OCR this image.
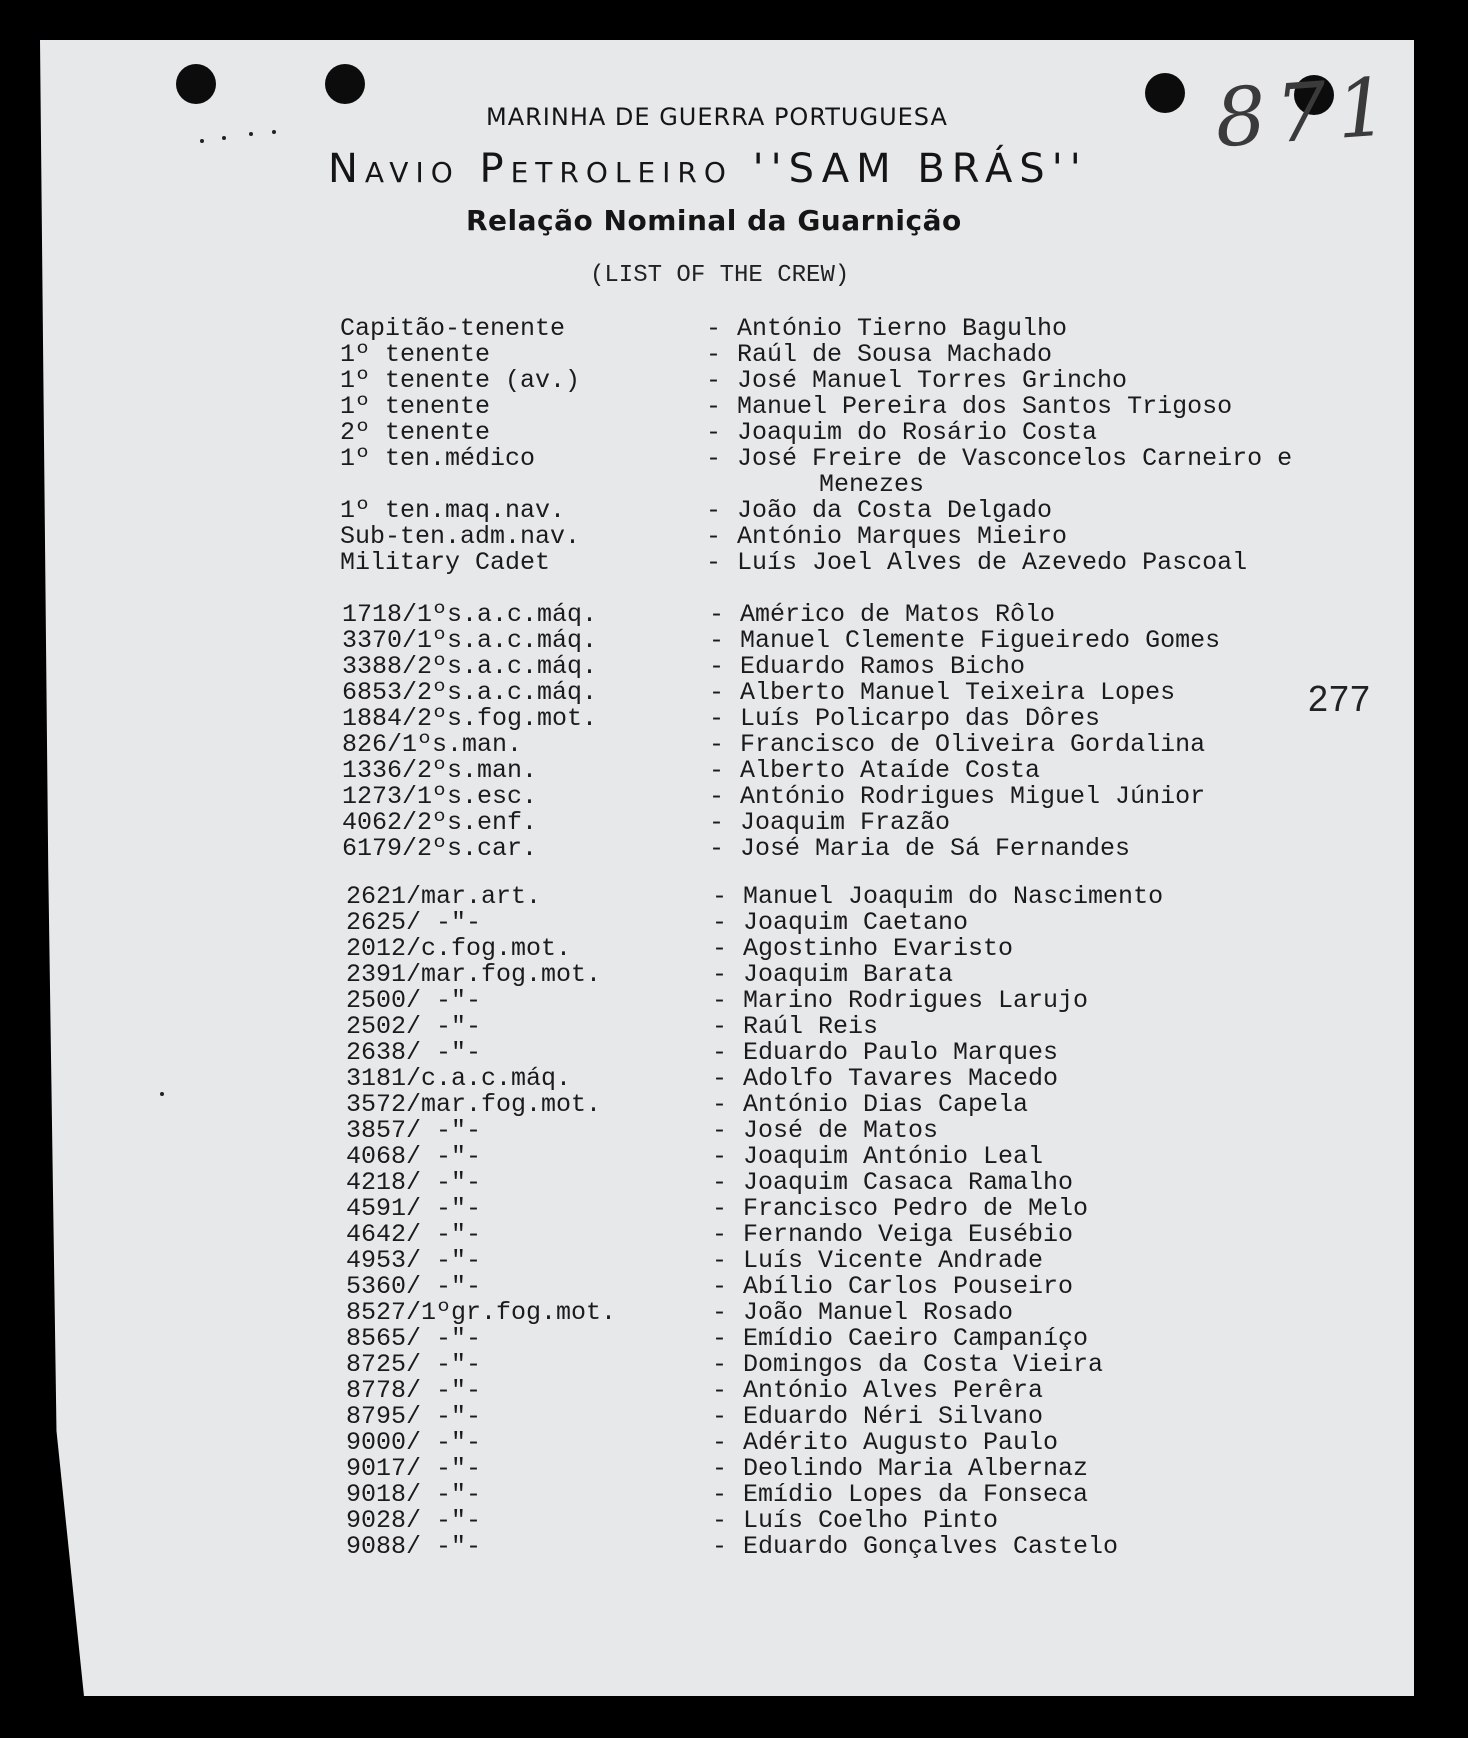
MARINHA DE GUERRA PORTUGUESA
Navio Petroleiro ''SAM BRÁS''
Relação Nominal da Guarnição
(LIST OF THE CREW)
871
277
Capitão-tenente	- António Tierno Bagulho
1º tenente	- Raúl de Sousa Machado
1º tenente (av.)	- José Manuel Torres Grincho
1º tenente	- Manuel Pereira dos Santos Trigoso
2º tenente	- Joaquim do Rosário Costa
1º ten.médico	- José Freire de Vasconcelos Carneiro e
Menezes
1º ten.maq.nav.	- João da Costa Delgado
Sub-ten.adm.nav.	- António Marques Mieiro
Military Cadet	- Luís Joel Alves de Azevedo Pascoal
1718/1ºs.a.c.máq.	- Américo de Matos Rôlo
3370/1ºs.a.c.máq.	- Manuel Clemente Figueiredo Gomes
3388/2ºs.a.c.máq.	- Eduardo Ramos Bicho
6853/2ºs.a.c.máq.	- Alberto Manuel Teixeira Lopes
1884/2ºs.fog.mot.	- Luís Policarpo das Dôres
826/1ºs.man.	- Francisco de Oliveira Gordalina
1336/2ºs.man.	- Alberto Ataíde Costa
1273/1ºs.esc.	- António Rodrigues Miguel Júnior
4062/2ºs.enf.	- Joaquim Frazão
6179/2ºs.car.	- José Maria de Sá Fernandes
2621/mar.art.	- Manuel Joaquim do Nascimento
2625/ -"-	- Joaquim Caetano
2012/c.fog.mot.	- Agostinho Evaristo
2391/mar.fog.mot.	- Joaquim Barata
2500/ -"-	- Marino Rodrigues Larujo
2502/ -"-	- Raúl Reis
2638/ -"-	- Eduardo Paulo Marques
3181/c.a.c.máq.	- Adolfo Tavares Macedo
3572/mar.fog.mot.	- António Dias Capela
3857/ -"-	- José de Matos
4068/ -"-	- Joaquim António Leal
4218/ -"-	- Joaquim Casaca Ramalho
4591/ -"-	- Francisco Pedro de Melo
4642/ -"-	- Fernando Veiga Eusébio
4953/ -"-	- Luís Vicente Andrade
5360/ -"-	- Abílio Carlos Pouseiro
8527/1ºgr.fog.mot.	- João Manuel Rosado
8565/ -"-	- Emídio Caeiro Campaníço
8725/ -"-	- Domingos da Costa Vieira
8778/ -"-	- António Alves Perêra
8795/ -"-	- Eduardo Néri Silvano
9000/ -"-	- Adérito Augusto Paulo
9017/ -"-	- Deolindo Maria Albernaz
9018/ -"-	- Emídio Lopes da Fonseca
9028/ -"-	- Luís Coelho Pinto
9088/ -"-	- Eduardo Gonçalves Castelo
